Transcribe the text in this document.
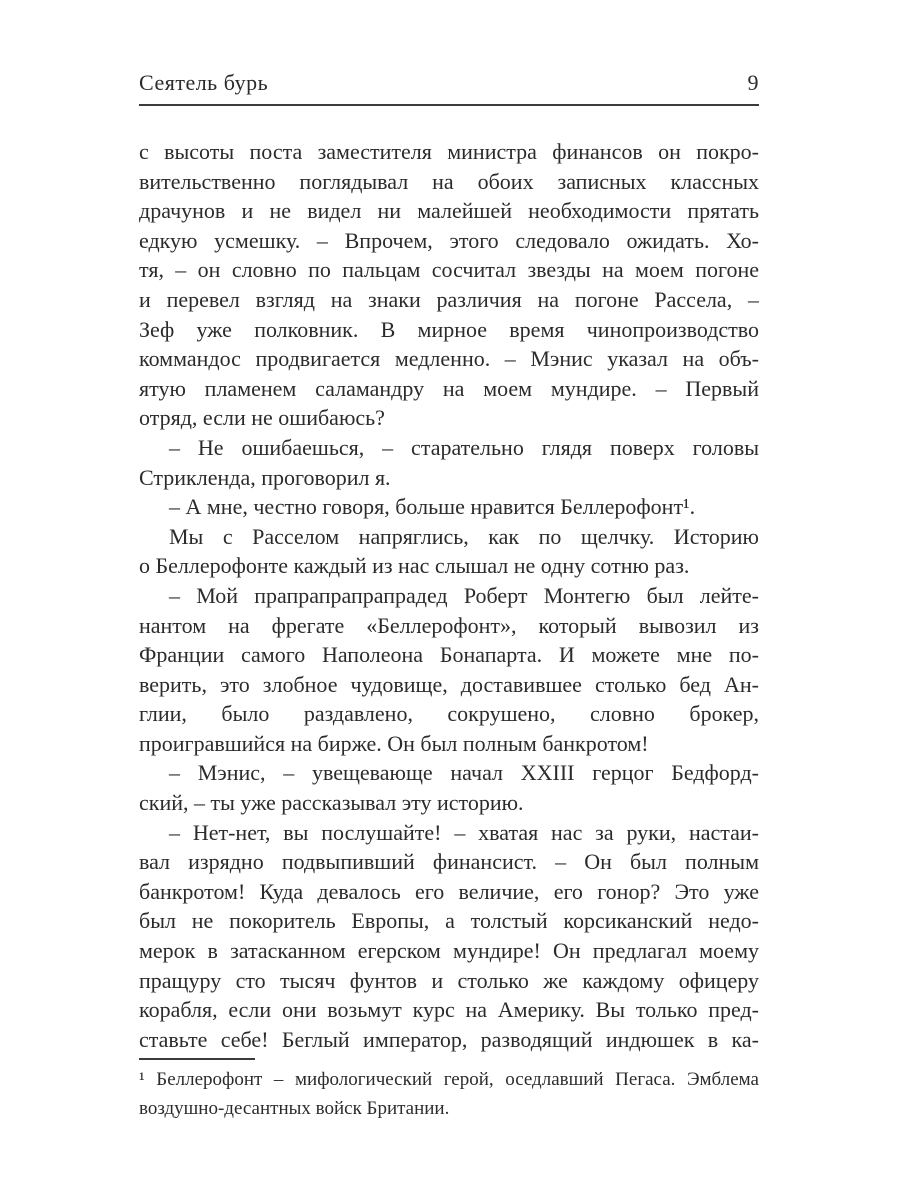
Сеятель бурь	9
с высоты поста заместителя министра финансов он покро-
вительственно поглядывал на обоих записных классных
драчунов и не видел ни малейшей необходимости прятать
едкую усмешку. – Впрочем, этого следовало ожидать. Хо-
тя, – он словно по пальцам сосчитал звезды на моем погоне
и перевел взгляд на знаки различия на погоне Рассела, –
Зеф уже полковник. В мирное время чинопроизводство
коммандос продвигается медленно. – Мэнис указал на объ-
ятую пламенем саламандру на моем мундире. – Первый
отряд, если не ошибаюсь?
– Не ошибаешься, – старательно глядя поверх головы
Стрикленда, проговорил я.
– А мне, честно говоря, больше нравится Беллерофонт¹.
Мы с Расселом напряглись, как по щелчку. Историю
о Беллерофонте каждый из нас слышал не одну сотню раз.
– Мой прапрапрапрапрадед Роберт Монтегю был лейте-
нантом на фрегате «Беллерофонт», который вывозил из
Франции самого Наполеона Бонапарта. И можете мне по-
верить, это злобное чудовище, доставившее столько бед Ан-
глии, было раздавлено, сокрушено, словно брокер,
проигравшийся на бирже. Он был полным банкротом!
– Мэнис, – увещевающе начал XXIII герцог Бедфорд-
ский, – ты уже рассказывал эту историю.
– Нет-нет, вы послушайте! – хватая нас за руки, настаи-
вал изрядно подвыпивший финансист. – Он был полным
банкротом! Куда девалось его величие, его гонор? Это уже
был не покоритель Европы, а толстый корсиканский недо-
мерок в затасканном егерском мундире! Он предлагал моему
пращуру сто тысяч фунтов и столько же каждому офицеру
корабля, если они возьмут курс на Америку. Вы только пред-
ставьте себе! Беглый император, разводящий индюшек в ка-
¹ Беллерофонт – мифологический герой, оседлавший Пегаса. Эмблема
воздушно-десантных войск Британии.
